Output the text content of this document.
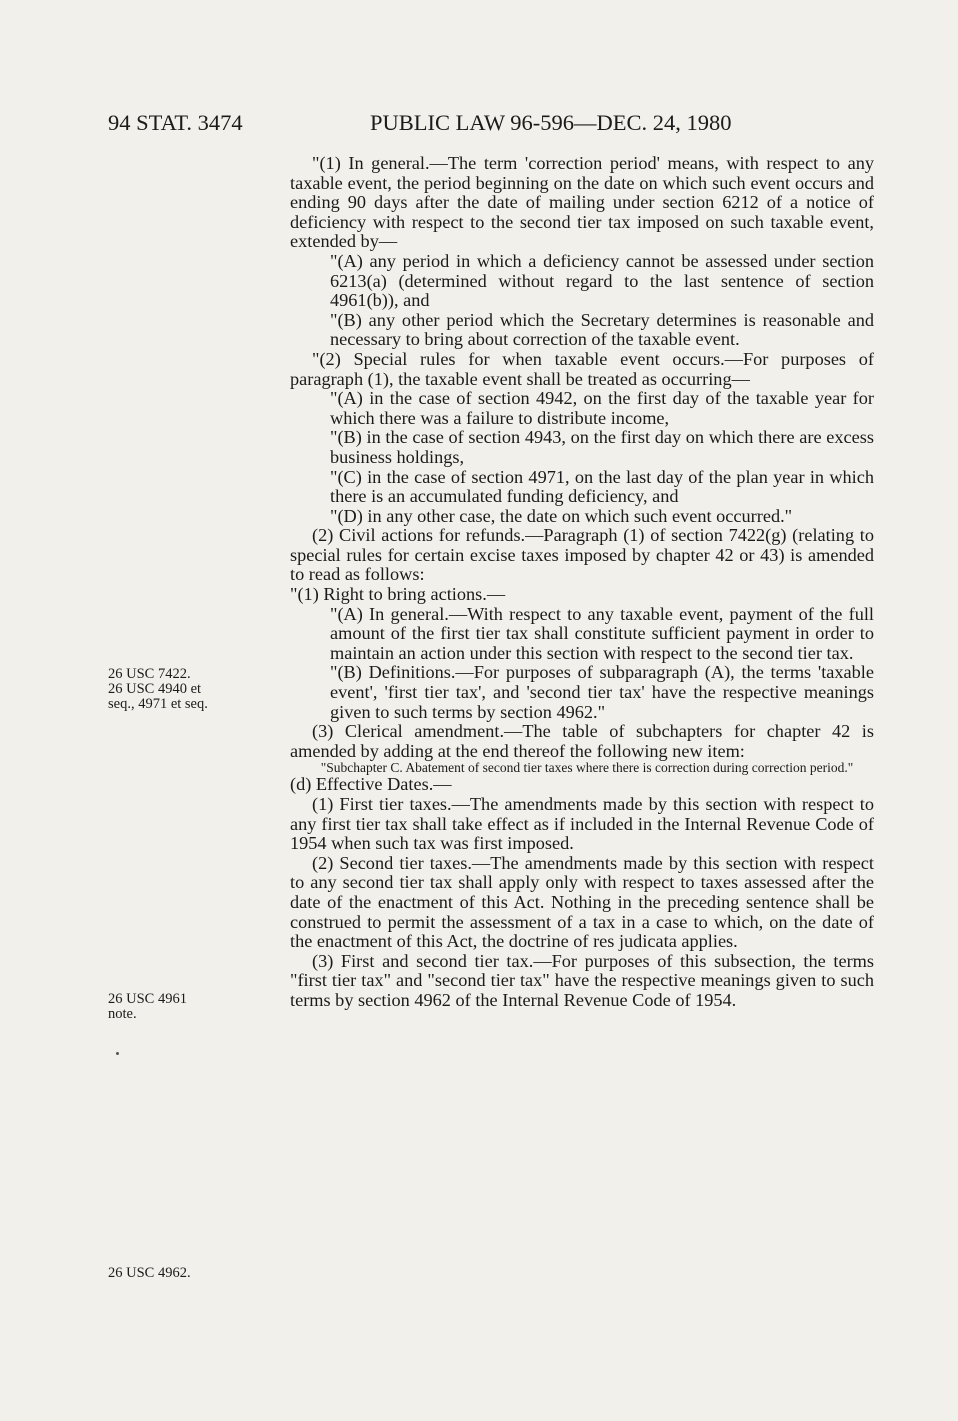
94 STAT. 3474	PUBLIC LAW 96-596—DEC. 24, 1980
26 USC 7422.
26 USC 4940 et
seq., 4971 et seq.
26 USC 4961
note.
26 USC 4962.

"(1) In general.—The term 'correction period' means, with respect to any taxable event, the period beginning on the date on which such event occurs and ending 90 days after the date of mailing under section 6212 of a notice of deficiency with respect to the second tier tax imposed on such taxable event, extended by—

"(A) any period in which a deficiency cannot be assessed under section 6213(a) (determined without regard to the last sentence of section 4961(b)), and

"(B) any other period which the Secretary determines is reasonable and necessary to bring about correction of the taxable event.

"(2) Special rules for when taxable event occurs.—For purposes of paragraph (1), the taxable event shall be treated as occurring—

"(A) in the case of section 4942, on the first day of the taxable year for which there was a failure to distribute income,

"(B) in the case of section 4943, on the first day on which there are excess business holdings,

"(C) in the case of section 4971, on the last day of the plan year in which there is an accumulated funding deficiency, and

"(D) in any other case, the date on which such event occurred."

(2) Civil actions for refunds.—Paragraph (1) of section 7422(g) (relating to special rules for certain excise taxes imposed by chapter 42 or 43) is amended to read as follows:

"(1) Right to bring actions.—

"(A) In general.—With respect to any taxable event, payment of the full amount of the first tier tax shall constitute sufficient payment in order to maintain an action under this section with respect to the second tier tax.

"(B) Definitions.—For purposes of subparagraph (A), the terms 'taxable event', 'first tier tax', and 'second tier tax' have the respective meanings given to such terms by section 4962."

(3) Clerical amendment.—The table of subchapters for chapter 42 is amended by adding at the end thereof the following new item:

"Subchapter C. Abatement of second tier taxes where there is correction during correction period."

(d) Effective Dates.—

(1) First tier taxes.—The amendments made by this section with respect to any first tier tax shall take effect as if included in the Internal Revenue Code of 1954 when such tax was first imposed.

(2) Second tier taxes.—The amendments made by this section with respect to any second tier tax shall apply only with respect to taxes assessed after the date of the enactment of this Act. Nothing in the preceding sentence shall be construed to permit the assessment of a tax in a case to which, on the date of the enactment of this Act, the doctrine of res judicata applies.

(3) First and second tier tax.—For purposes of this subsection, the terms "first tier tax" and "second tier tax" have the respective meanings given to such terms by section 4962 of the Internal Revenue Code of 1954.
